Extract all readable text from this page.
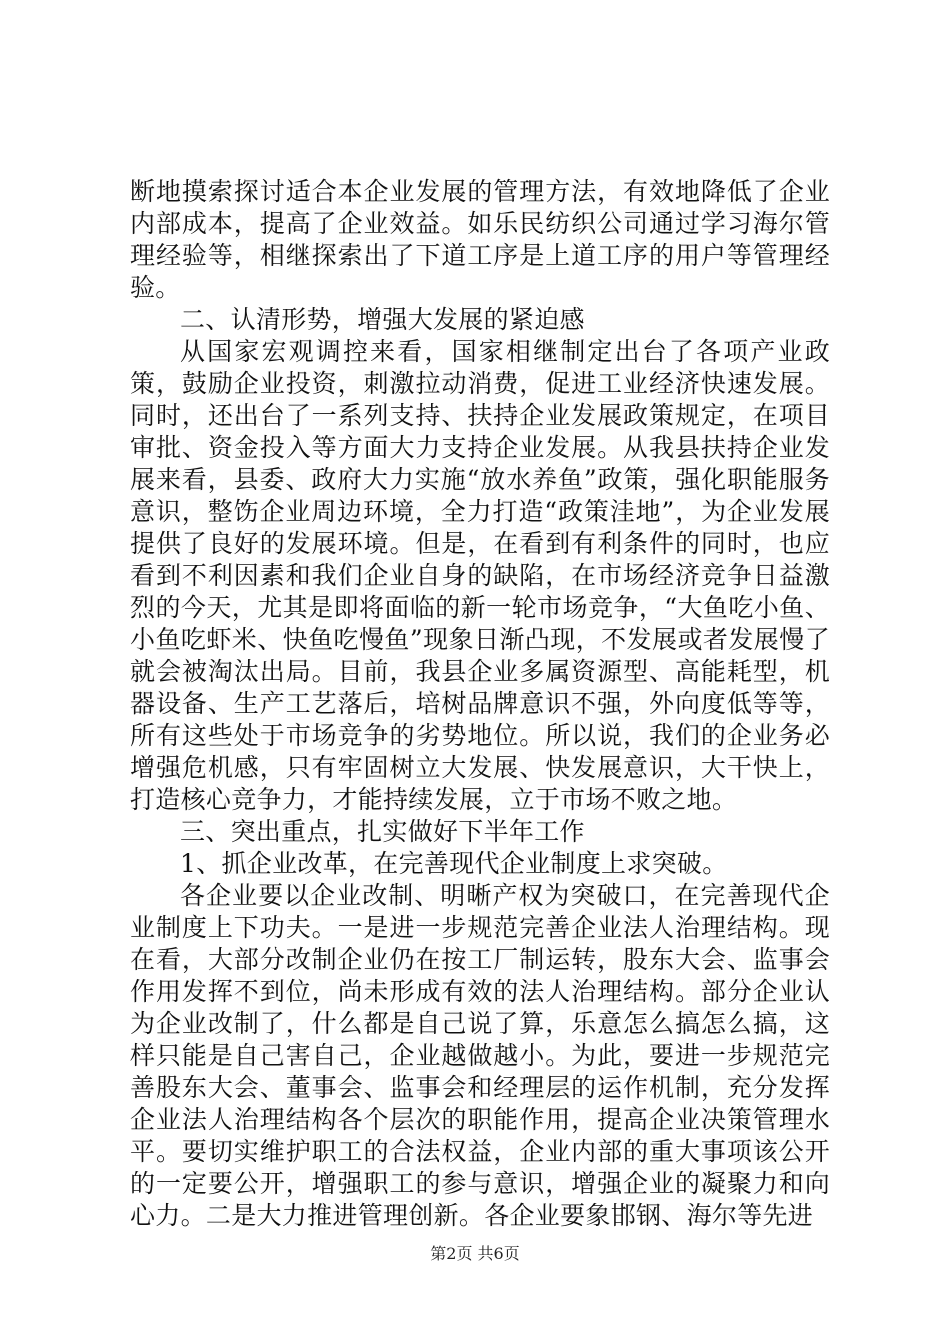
断地摸索探讨适合本企业发展的管理方法，有效地降低了企业内部成本，提高了企业效益。如乐民纺织公司通过学习海尔管理经验等，相继探索出了下道工序是上道工序的用户等管理经验。

二、认清形势，增强大发展的紧迫感

从国家宏观调控来看，国家相继制定出台了各项产业政策，鼓励企业投资，刺激拉动消费，促进工业经济快速发展。同时，还出台了一系列支持、扶持企业发展政策规定，在项目审批、资金投入等方面大力支持企业发展。从我县扶持企业发展来看，县委、政府大力实施“放水养鱼”政策，强化职能服务意识，整饬企业周边环境，全力打造“政策洼地”，为企业发展提供了良好的发展环境。但是，在看到有利条件的同时，也应看到不利因素和我们企业自身的缺陷，在市场经济竞争日益激烈的今天，尤其是即将面临的新一轮市场竞争，“大鱼吃小鱼、小鱼吃虾米、快鱼吃慢鱼”现象日渐凸现，不发展或者发展慢了就会被淘汰出局。目前，我县企业多属资源型、高能耗型，机器设备、生产工艺落后，培树品牌意识不强，外向度低等等，所有这些处于市场竞争的劣势地位。所以说，我们的企业务必增强危机感，只有牢固树立大发展、快发展意识，大干快上，打造核心竞争力，才能持续发展，立于市场不败之地。

三、突出重点，扎实做好下半年工作

1、抓企业改革，在完善现代企业制度上求突破。

各企业要以企业改制、明晰产权为突破口，在完善现代企业制度上下功夫。一是进一步规范完善企业法人治理结构。现在看，大部分改制企业仍在按工厂制运转，股东大会、监事会作用发挥不到位，尚未形成有效的法人治理结构。部分企业认为企业改制了，什么都是自己说了算，乐意怎么搞怎么搞，这样只能是自己害自己，企业越做越小。为此，要进一步规范完善股东大会、董事会、监事会和经理层的运作机制，充分发挥企业法人治理结构各个层次的职能作用，提高企业决策管理水平。要切实维护职工的合法权益，企业内部的重大事项该公开的一定要公开，增强职工的参与意识，增强企业的凝聚力和向心力。二是大力推进管理创新。各企业要象邯钢、海尔等先进

第2页 共6页
